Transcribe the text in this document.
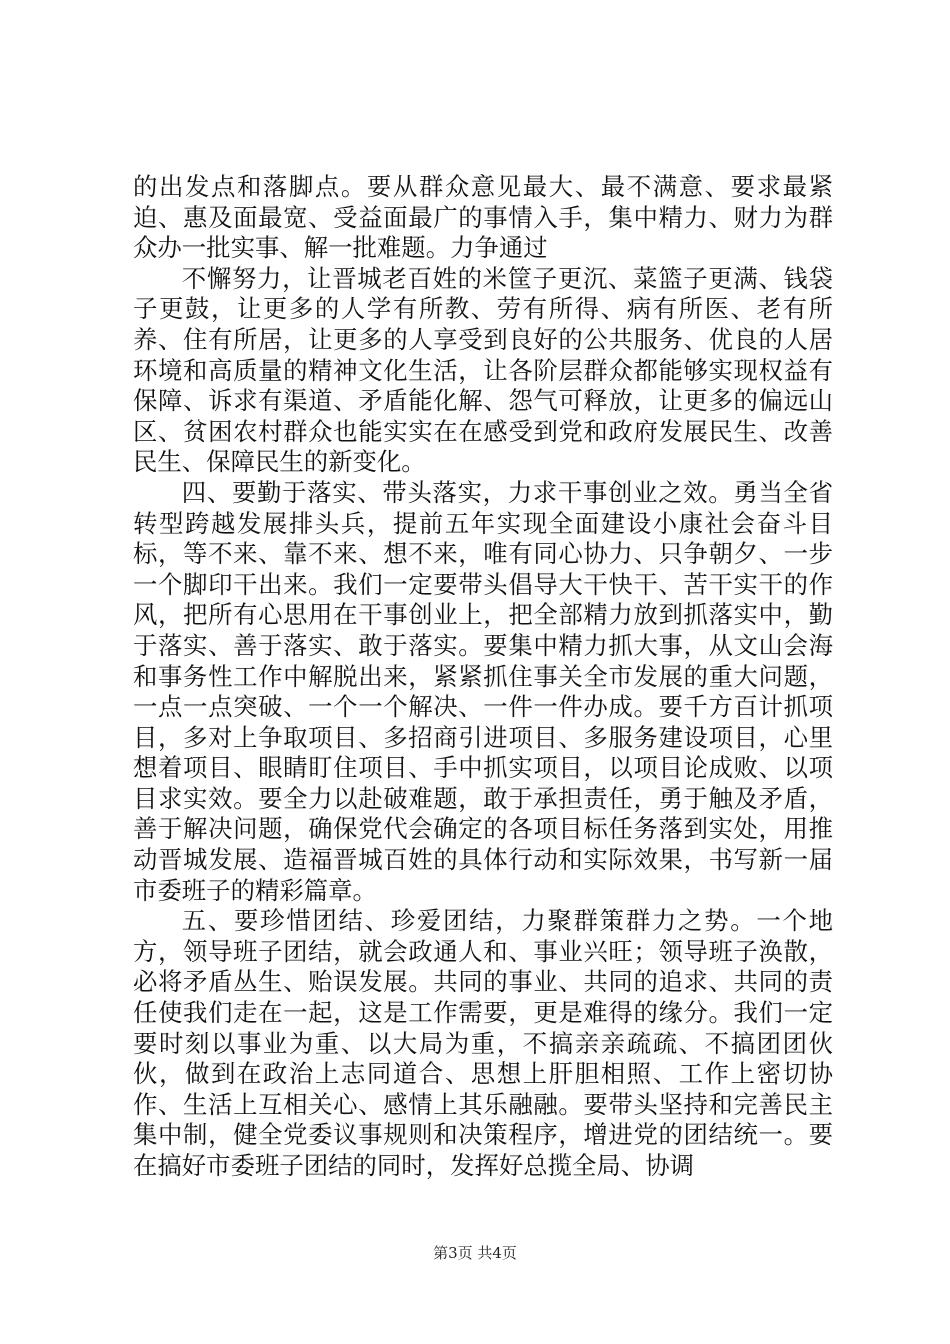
的出发点和落脚点。要从群众意见最大、最不满意、要求最紧迫、惠及面最宽、受益面最广的事情入手，集中精力、财力为群众办一批实事、解一批难题。力争通过

不懈努力，让晋城老百姓的米筐子更沉、菜篮子更满、钱袋子更鼓，让更多的人学有所教、劳有所得、病有所医、老有所养、住有所居，让更多的人享受到良好的公共服务、优良的人居环境和高质量的精神文化生活，让各阶层群众都能够实现权益有保障、诉求有渠道、矛盾能化解、怨气可释放，让更多的偏远山区、贫困农村群众也能实实在在感受到党和政府发展民生、改善民生、保障民生的新变化。

四、要勤于落实、带头落实，力求干事创业之效。勇当全省转型跨越发展排头兵，提前五年实现全面建设小康社会奋斗目标，等不来、靠不来、想不来，唯有同心协力、只争朝夕、一步一个脚印干出来。我们一定要带头倡导大干快干、苦干实干的作风，把所有心思用在干事创业上，把全部精力放到抓落实中，勤于落实、善于落实、敢于落实。要集中精力抓大事，从文山会海和事务性工作中解脱出来，紧紧抓住事关全市发展的重大问题，一点一点突破、一个一个解决、一件一件办成。要千方百计抓项目，多对上争取项目、多招商引进项目、多服务建设项目，心里想着项目、眼睛盯住项目、手中抓实项目，以项目论成败、以项目求实效。要全力以赴破难题，敢于承担责任，勇于触及矛盾，善于解决问题，确保党代会确定的各项目标任务落到实处，用推动晋城发展、造福晋城百姓的具体行动和实际效果，书写新一届市委班子的精彩篇章。

五、要珍惜团结、珍爱团结，力聚群策群力之势。一个地方，领导班子团结，就会政通人和、事业兴旺；领导班子涣散，必将矛盾丛生、贻误发展。共同的事业、共同的追求、共同的责任使我们走在一起，这是工作需要，更是难得的缘分。我们一定要时刻以事业为重、以大局为重，不搞亲亲疏疏、不搞团团伙伙，做到在政治上志同道合、思想上肝胆相照、工作上密切协作、生活上互相关心、感情上其乐融融。要带头坚持和完善民主集中制，健全党委议事规则和决策程序，增进党的团结统一。要在搞好市委班子团结的同时，发挥好总揽全局、协调

第3页 共4页
